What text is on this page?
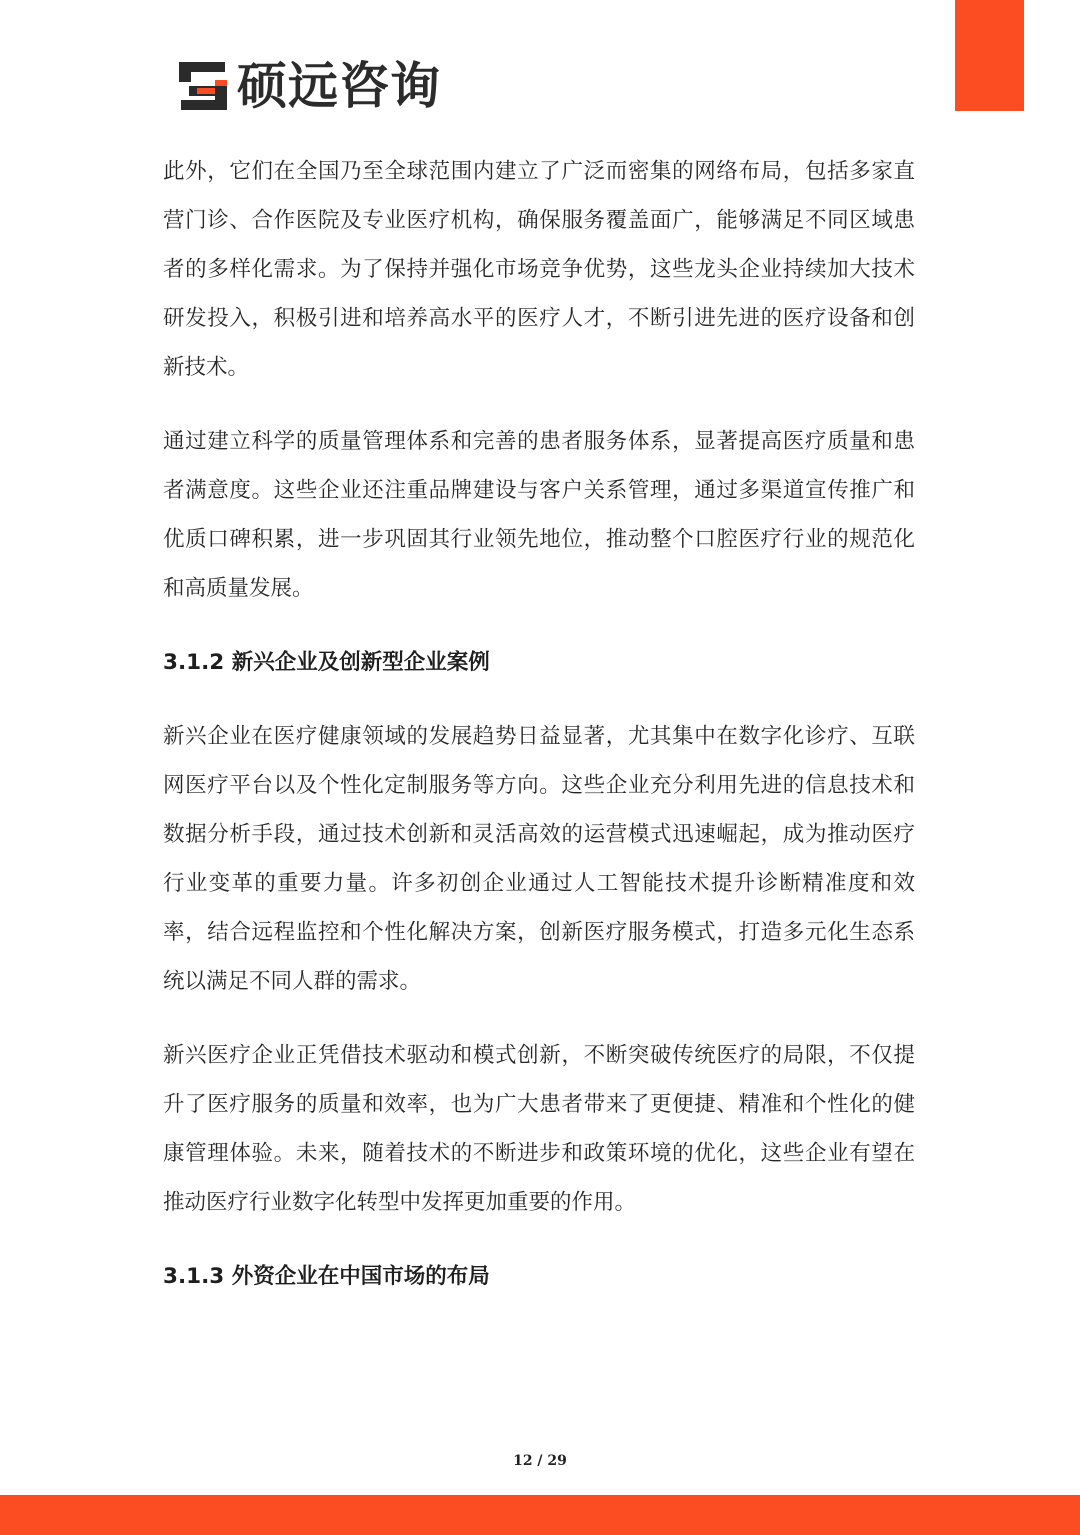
硕远咨询

此外，它们在全国乃至全球范围内建立了广泛而密集的网络布局，包括多家直营门诊、合作医院及专业医疗机构，确保服务覆盖面广，能够满足不同区域患者的多样化需求。为了保持并强化市场竞争优势，这些龙头企业持续加大技术研发投入，积极引进和培养高水平的医疗人才，不断引进先进的医疗设备和创新技术。

通过建立科学的质量管理体系和完善的患者服务体系，显著提高医疗质量和患者满意度。这些企业还注重品牌建设与客户关系管理，通过多渠道宣传推广和优质口碑积累，进一步巩固其行业领先地位，推动整个口腔医疗行业的规范化和高质量发展。

3.1.2 新兴企业及创新型企业案例

新兴企业在医疗健康领域的发展趋势日益显著，尤其集中在数字化诊疗、互联网医疗平台以及个性化定制服务等方向。这些企业充分利用先进的信息技术和数据分析手段，通过技术创新和灵活高效的运营模式迅速崛起，成为推动医疗行业变革的重要力量。许多初创企业通过人工智能技术提升诊断精准度和效率，结合远程监控和个性化解决方案，创新医疗服务模式，打造多元化生态系统以满足不同人群的需求。

新兴医疗企业正凭借技术驱动和模式创新，不断突破传统医疗的局限，不仅提升了医疗服务的质量和效率，也为广大患者带来了更便捷、精准和个性化的健康管理体验。未来，随着技术的不断进步和政策环境的优化，这些企业有望在推动医疗行业数字化转型中发挥更加重要的作用。

3.1.3 外资企业在中国市场的布局
12 / 29
